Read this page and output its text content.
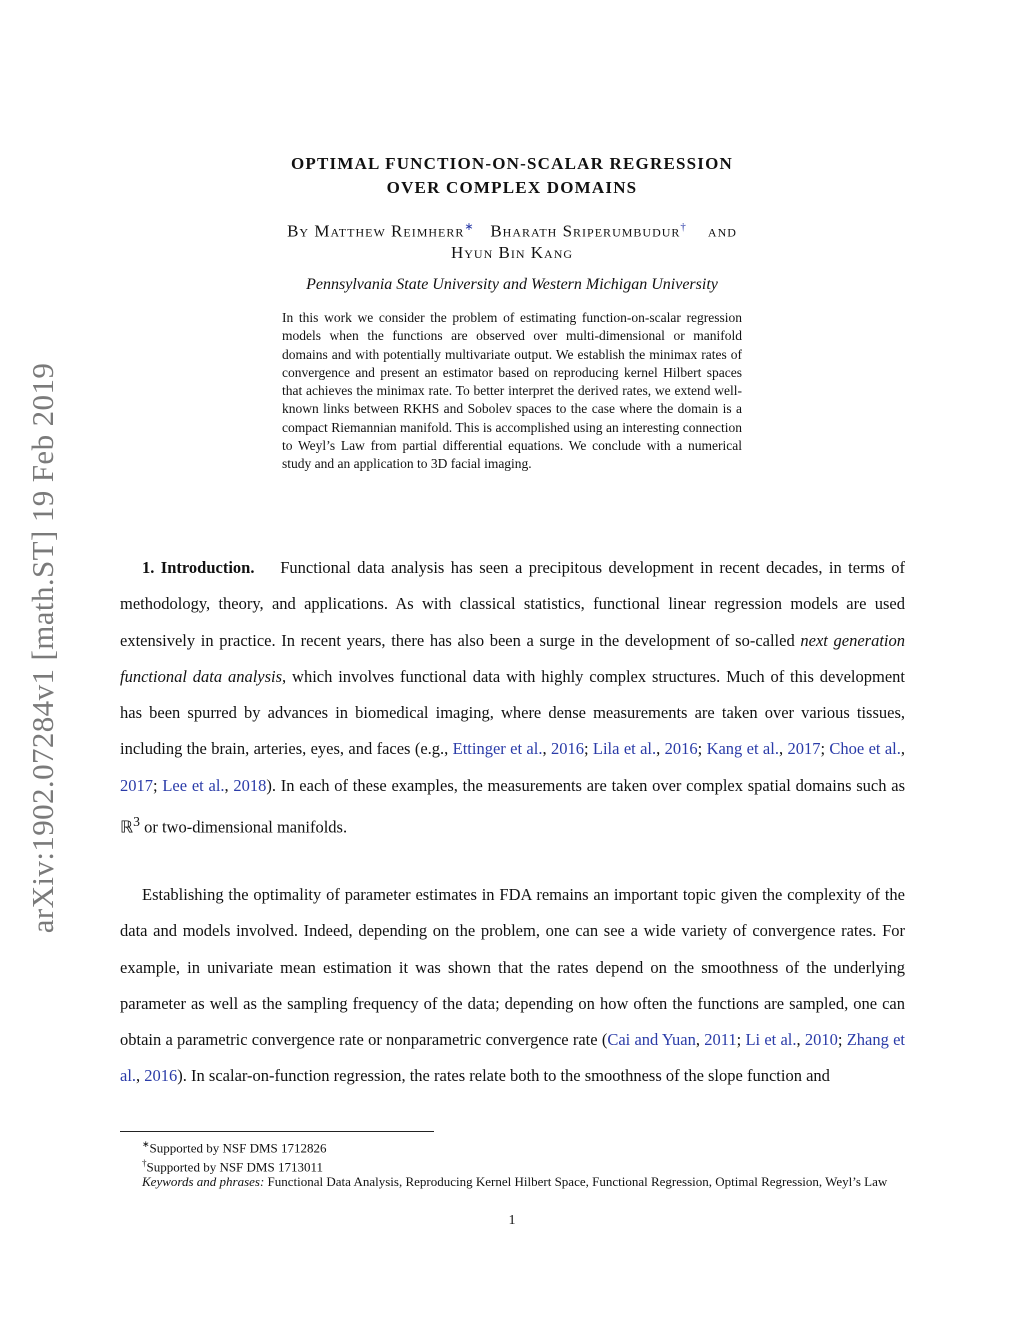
arXiv:1902.07284v1 [math.ST] 19 Feb 2019
OPTIMAL FUNCTION-ON-SCALAR REGRESSION
OVER COMPLEX DOMAINS
By Matthew Reimherr∗ Bharath Sriperumbudur† and
Hyun Bin Kang
Pennsylvania State University and Western Michigan University

In this work we consider the problem of estimating function-on-scalar regression models when the functions are observed over multi-dimensional or manifold domains and with potentially multivariate output. We establish the minimax rates of convergence and present an estimator based on reproducing kernel Hilbert spaces that achieves the minimax rate. To better interpret the derived rates, we extend well-known links between RKHS and Sobolev spaces to the case where the domain is a compact Riemannian manifold. This is accomplished using an interesting connection to Weyl’s Law from partial differential equations. We conclude with a numerical study and an application to 3D facial imaging.

1. Introduction. Functional data analysis has seen a precipitous development in recent decades, in terms of methodology, theory, and applications. As with classical statistics, functional linear regression models are used extensively in practice. In recent years, there has also been a surge in the development of so-called next generation functional data analysis, which involves functional data with highly complex structures. Much of this development has been spurred by advances in biomedical imaging, where dense measurements are taken over various tissues, including the brain, arteries, eyes, and faces (e.g., Ettinger et al., 2016; Lila et al., 2016; Kang et al., 2017; Choe et al., 2017; Lee et al., 2018). In each of these examples, the measurements are taken over complex spatial domains such as ℝ$^3$ or two-dimensional manifolds.

Establishing the optimality of parameter estimates in FDA remains an important topic given the complexity of the data and models involved. Indeed, depending on the problem, one can see a wide variety of convergence rates. For example, in univariate mean estimation it was shown that the rates depend on the smoothness of the underlying parameter as well as the sampling frequency of the data; depending on how often the functions are sampled, one can obtain a parametric convergence rate or nonparametric convergence rate (Cai and Yuan, 2011; Li et al., 2010; Zhang et al., 2016). In scalar-on-function regression, the rates relate both to the smoothness of the slope function and

∗Supported by NSF DMS 1712826

†Supported by NSF DMS 1713011

Keywords and phrases: Functional Data Analysis, Reproducing Kernel Hilbert Space, Functional Regression, Optimal Regression, Weyl’s Law

1
